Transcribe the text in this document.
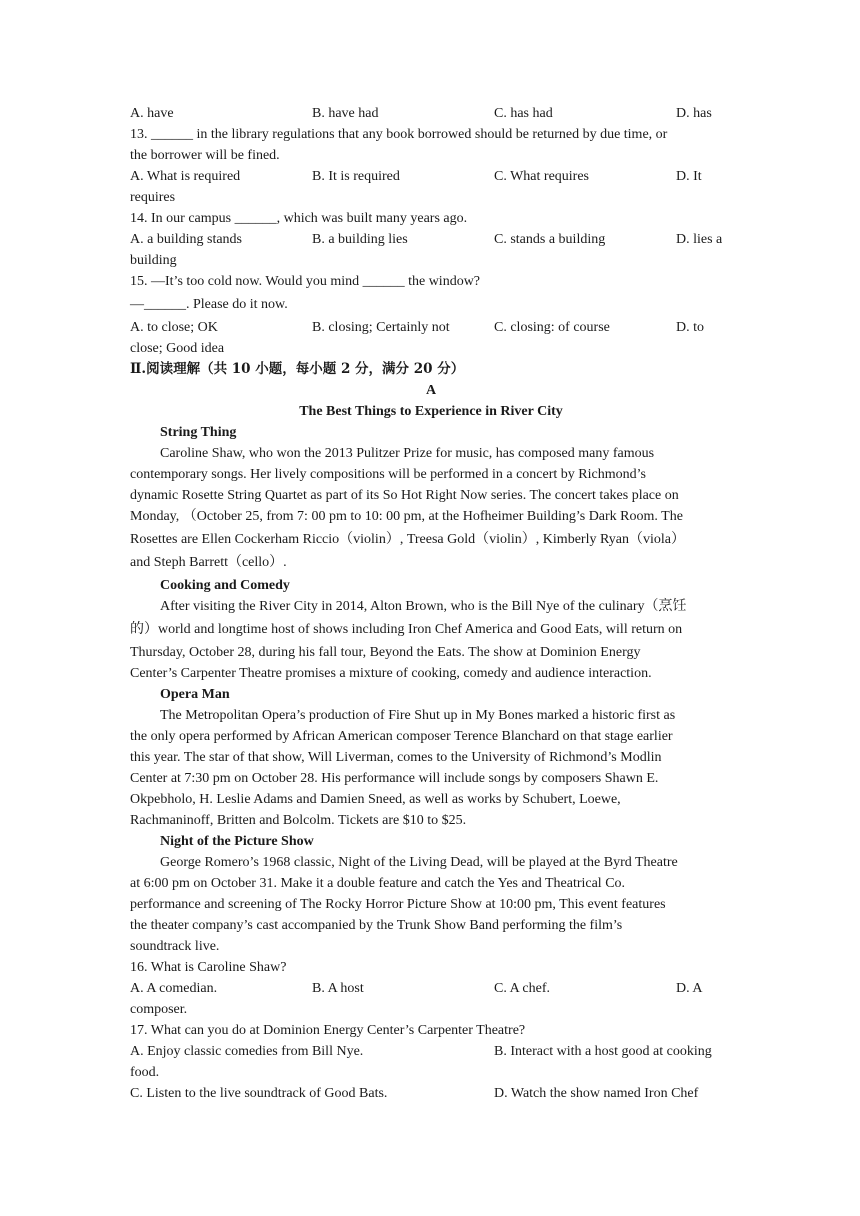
A. have	B. have had	C. has had	D. has
13. ______ in the library regulations that any book borrowed should be returned by due time, or
the borrower will be fined.
A. What is required	B. It is required	C. What requires	D. It
requires
14. In our campus ______, which was built many years ago.
A. a building stands	B. a building lies	C. stands a building	D. lies a
building
15. —It’s too cold now. Would you mind ______ the window?
—______. Please do it now.
A. to close; OK	B. closing; Certainly not	C. closing: of course	D. to
close; Good idea
Ⅱ.阅读理解（共 10 小题，每小题 2 分，满分 20 分）
A
The Best Things to Experience in River City
String Thing
Caroline Shaw, who won the 2013 Pulitzer Prize for music, has composed many famous
contemporary songs. Her lively compositions will be performed in a concert by Richmond’s
dynamic Rosette String Quartet as part of its So Hot Right Now series. The concert takes place on
Monday, （October 25, from 7: 00 pm to 10: 00 pm, at the Hofheimer Building’s Dark Room. The
Rosettes are Ellen Cockerham Riccio（violin）, Treesa Gold（violin）, Kimberly Ryan（viola）
and Steph Barrett（cello）.
Cooking and Comedy
After visiting the River City in 2014, Alton Brown, who is the Bill Nye of the culinary（烹饪
的）world and longtime host of shows including Iron Chef America and Good Eats, will return on
Thursday, October 28, during his fall tour, Beyond the Eats. The show at Dominion Energy
Center’s Carpenter Theatre promises a mixture of cooking, comedy and audience interaction.
Opera Man
The Metropolitan Opera’s production of Fire Shut up in My Bones marked a historic first as
the only opera performed by African American composer Terence Blanchard on that stage earlier
this year. The star of that show, Will Liverman, comes to the University of Richmond’s Modlin
Center at 7:30 pm on October 28. His performance will include songs by composers Shawn E.
Okpebholo, H. Leslie Adams and Damien Sneed, as well as works by Schubert, Loewe,
Rachmaninoff, Britten and Bolcolm. Tickets are $10 to $25.
Night of the Picture Show
George Romero’s 1968 classic, Night of the Living Dead, will be played at the Byrd Theatre
at 6:00 pm on October 31. Make it a double feature and catch the Yes and Theatrical Co.
performance and screening of The Rocky Horror Picture Show at 10:00 pm, This event features
the theater company’s cast accompanied by the Trunk Show Band performing the film’s
soundtrack live.
16. What is Caroline Shaw?
A. A comedian.	B. A host	C. A chef.	D. A
composer.
17. What can you do at Dominion Energy Center’s Carpenter Theatre?
A. Enjoy classic comedies from Bill Nye.	B. Interact with a host good at cooking
food.
C. Listen to the live soundtrack of Good Bats.	D. Watch the show named Iron Chef
